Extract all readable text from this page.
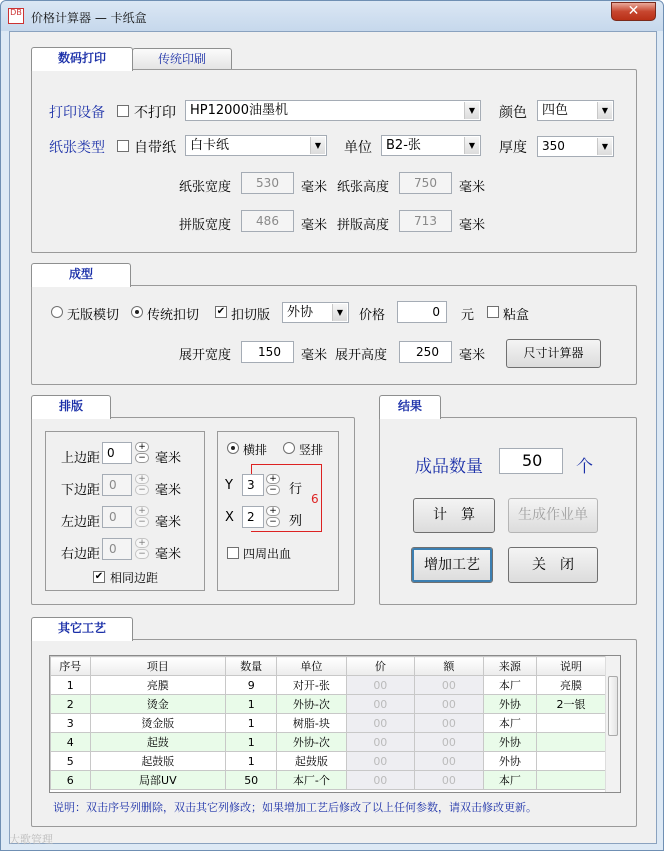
DB 价格计算器 — 卡纸盒	✕
数码打印	传统印刷
打印设备 不打印	HP12000油墨机	▼ 颜色	四色	▼
纸张类型 自带纸	白卡纸	▼ 单位	B2-张	▼ 厚度	350	▼
纸张宽度	530	毫米 纸张高度	750	毫米
拼版宽度	486	毫米 拼版高度	713	毫米
成型
无版模切 传统扣切 ✔ 扣切版	外协	▼	价格	0	元 粘盒
展开宽度	150	毫米 展开高度	250	毫米	尺寸计算器
排版
上边距 0	+
− 毫米
下边距 0	+
− 毫米
左边距 0	+
− 毫米
右边距 0	+
− 毫米
✔ 相同边距
横排	竖排
Y	3	+
− 行
6
X	2	+
− 列
四周出血
结果
成品数量	50	个
计　算	生成作业单
增加工艺	关　闭
其它工艺
序号	项目	数量	单位	价	额	来源	说明
1	亮膜	9	对开-张	00	00	本厂	亮膜
2	烫金	1	外协-次	00	00	外协	2一银
3	烫金版	1	树脂-块	00	00	本厂	
4	起鼓	1	外协-次	00	00	外协	
5	起鼓版	1	起鼓版	00	00	外协	
6	局部UV	50	本厂-个	00	00	本厂	
说明：双击序号列删除，双击其它列修改；如果增加工艺后修改了以上任何参数，请双击修改更新。
大歌管理
